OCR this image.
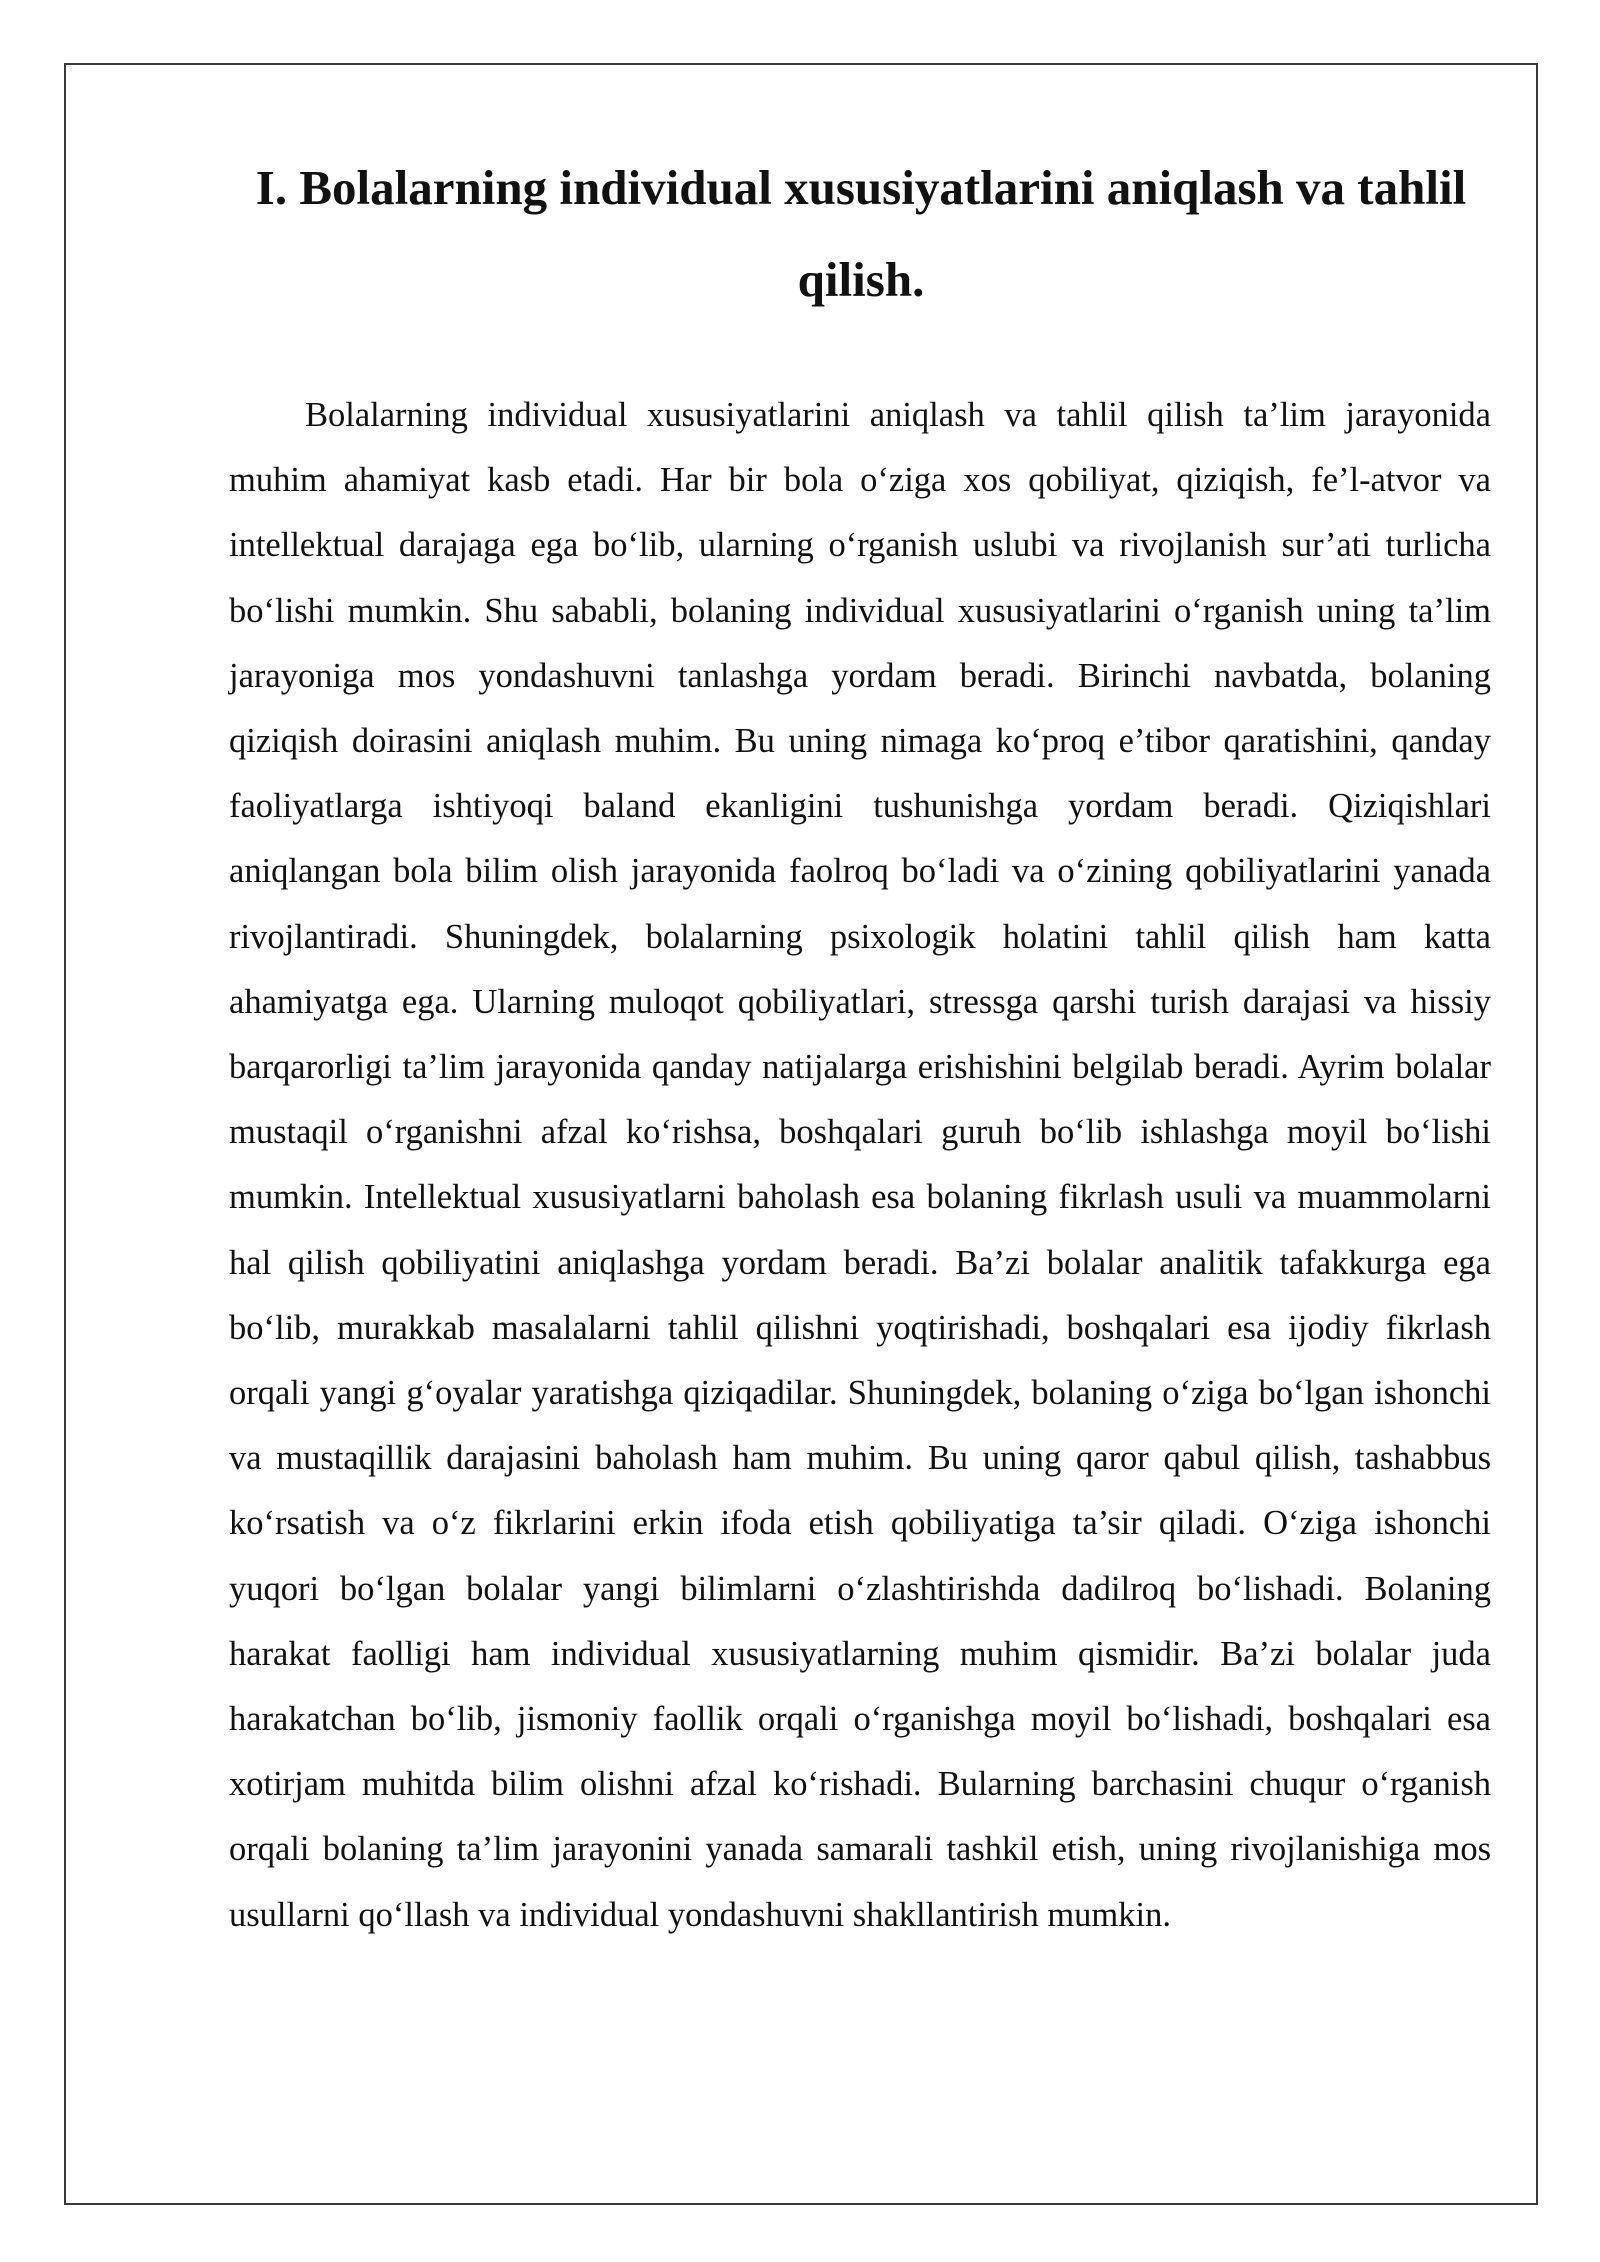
I. Bolalarning individual xususiyatlarini aniqlash va tahlil qilish.

Bolalarning individual xususiyatlarini aniqlash va tahlil qilish ta’lim jarayonida muhim ahamiyat kasb etadi. Har bir bola o‘ziga xos qobiliyat, qiziqish, fe’l-atvor va intellektual darajaga ega bo‘lib, ularning o‘rganish uslubi va rivojlanish sur’ati turlicha bo‘lishi mumkin. Shu sababli, bolaning individual xususiyatlarini o‘rganish uning ta’lim jarayoniga mos yondashuvni tanlashga yordam beradi. Birinchi navbatda, bolaning qiziqish doirasini aniqlash muhim. Bu uning nimaga ko‘proq e’tibor qaratishini, qanday faoliyatlarga ishtiyoqi baland ekanligini tushunishga yordam beradi. Qiziqishlari aniqlangan bola bilim olish jarayonida faolroq bo‘ladi va o‘zining qobiliyatlarini yanada rivojlantiradi. Shuningdek, bolalarning psixologik holatini tahlil qilish ham katta ahamiyatga ega. Ularning muloqot qobiliyatlari, stressga qarshi turish darajasi va hissiy barqarorligi ta’lim jarayonida qanday natijalarga erishishini belgilab beradi. Ayrim bolalar mustaqil o‘rganishni afzal ko‘rishsa, boshqalari guruh bo‘lib ishlashga moyil bo‘lishi mumkin. Intellektual xususiyatlarni baholash esa bolaning fikrlash usuli va muammolarni hal qilish qobiliyatini aniqlashga yordam beradi. Ba’zi bolalar analitik tafakkurga ega bo‘lib, murakkab masalalarni tahlil qilishni yoqtirishadi, boshqalari esa ijodiy fikrlash orqali yangi g‘oyalar yaratishga qiziqadilar. Shuningdek, bolaning o‘ziga bo‘lgan ishonchi va mustaqillik darajasini baholash ham muhim. Bu uning qaror qabul qilish, tashabbus ko‘rsatish va o‘z fikrlarini erkin ifoda etish qobiliyatiga ta’sir qiladi. O‘ziga ishonchi yuqori bo‘lgan bolalar yangi bilimlarni o‘zlashtirishda dadilroq bo‘lishadi. Bolaning harakat faolligi ham individual xususiyatlarning muhim qismidir. Ba’zi bolalar juda harakatchan bo‘lib, jismoniy faollik orqali o‘rganishga moyil bo‘lishadi, boshqalari esa xotirjam muhitda bilim olishni afzal ko‘rishadi. Bularning barchasini chuqur o‘rganish orqali bolaning ta’lim jarayonini yanada samarali tashkil etish, uning rivojlanishiga mos usullarni qo‘llash va individual yondashuvni shakllantirish mumkin.
